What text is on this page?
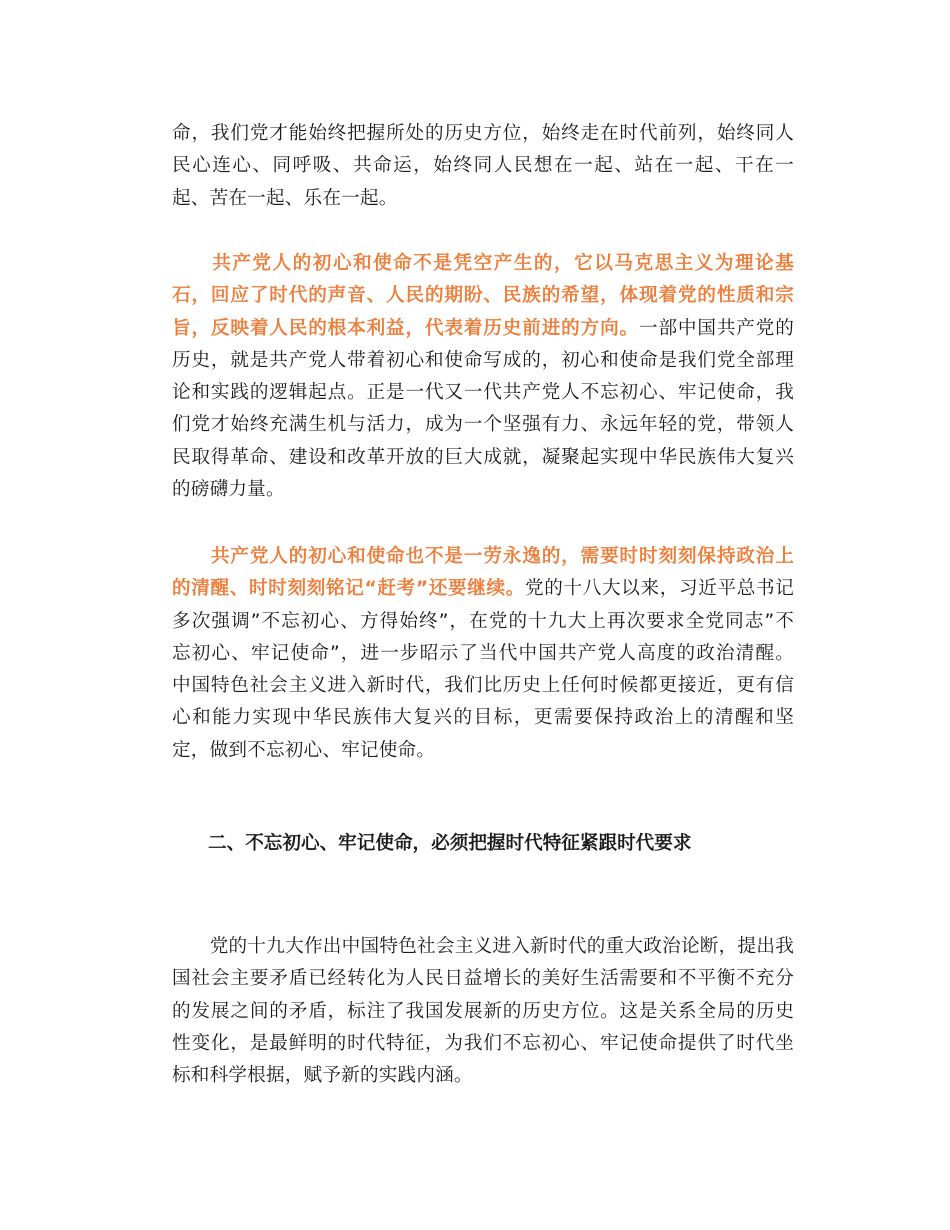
命，我们党才能始终把握所处的历史方位，始终走在时代前列，始终同人
民心连心、同呼吸、共命运，始终同人民想在一起、站在一起、干在一
起、苦在一起、乐在一起。
　　共产党人的初心和使命不是凭空产生的，它以马克思主义为理论基
石，回应了时代的声音、人民的期盼、民族的希望，体现着党的性质和宗
旨，反映着人民的根本利益，代表着历史前进的方向。一部中国共产党的
历史，就是共产党人带着初心和使命写成的，初心和使命是我们党全部理
论和实践的逻辑起点。正是一代又一代共产党人不忘初心、牢记使命，我
们党才始终充满生机与活力，成为一个坚强有力、永远年轻的党，带领人
民取得革命、建设和改革开放的巨大成就，凝聚起实现中华民族伟大复兴
的磅礴力量。
　　共产党人的初心和使命也不是一劳永逸的，需要时时刻刻保持政治上
的清醒、时时刻刻铭记“赶考”还要继续。党的十八大以来，习近平总书记
多次强调”不忘初心、方得始终”，在党的十九大上再次要求全党同志”不
忘初心、牢记使命”，进一步昭示了当代中国共产党人高度的政治清醒。
中国特色社会主义进入新时代，我们比历史上任何时候都更接近，更有信
心和能力实现中华民族伟大复兴的目标，更需要保持政治上的清醒和坚
定，做到不忘初心、牢记使命。
二、不忘初心、牢记使命，必须把握时代特征紧跟时代要求
　　党的十九大作出中国特色社会主义进入新时代的重大政治论断，提出我
国社会主要矛盾已经转化为人民日益增长的美好生活需要和不平衡不充分
的发展之间的矛盾，标注了我国发展新的历史方位。这是关系全局的历史
性变化，是最鲜明的时代特征，为我们不忘初心、牢记使命提供了时代坐
标和科学根据，赋予新的实践内涵。
